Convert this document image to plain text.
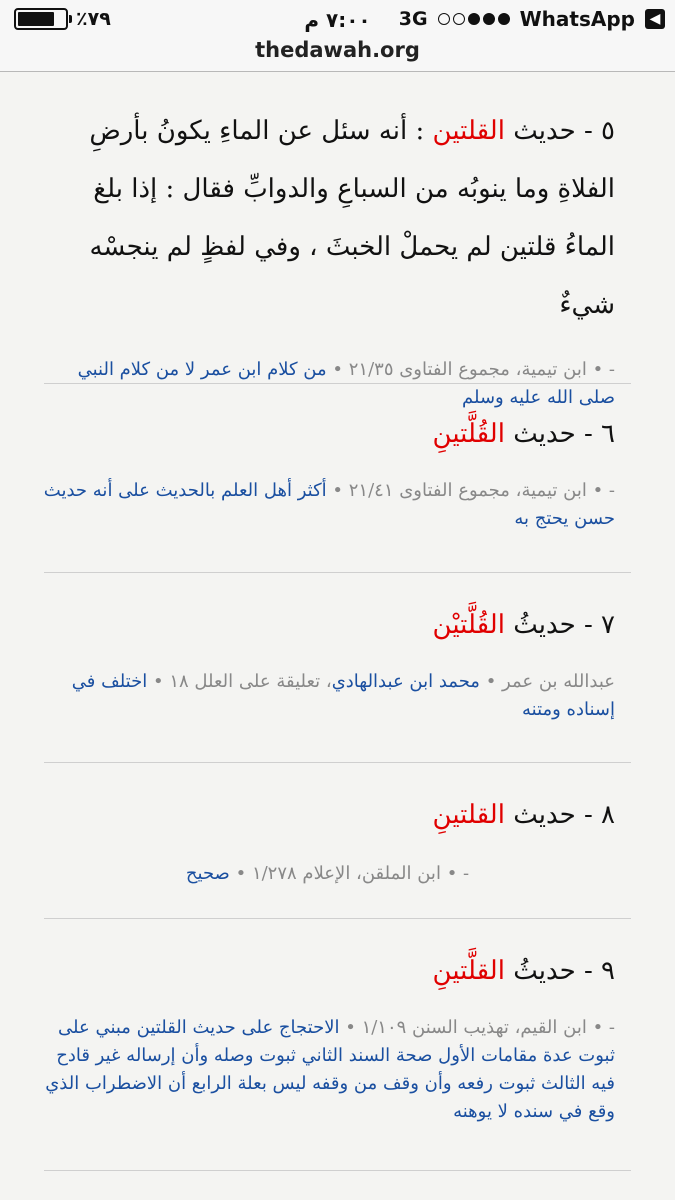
٪٧٩	٧:٠٠ م	3G	WhatsApp	◀
thedawah.org
٥ - حديث القلتين : أنه سئل عن الماءِ يكونُ بأرضِ الفلاةِ وما ينوبُه من السباعِ والدوابِّ فقال : إذا بلغ الماءُ قلتين لم يحملْ الخبثَ ، وفي لفظٍ لم ينجسْه شيءٌ
- • ابن تيمية، مجموع الفتاوى ٢١/٣٥ • من كلام ابن عمر لا من كلام النبي صلى الله عليه وسلم
٦ - حديث القُلَّتينِ
- • ابن تيمية، مجموع الفتاوى ٢١/٤١ • أكثر أهل العلم بالحديث على أنه حديث حسن يحتج به
٧ - حديثُ القُلَّتيْن
عبدالله بن عمر • محمد ابن عبدالهادي، تعليقة على العلل ١٨ • اختلف في إسناده ومتنه
٨ - حديث القلتينِ
- • ابن الملقن، الإعلام ١/٢٧٨ • صحيح
٩ - حديثُ القلَّتينِ
- • ابن القيم، تهذيب السنن ١/١٠٩ • الاحتجاج على حديث القلتين مبني على ثبوت عدة مقامات الأول صحة السند الثاني ثبوت وصله وأن إرساله غير قادح فيه الثالث ثبوت رفعه وأن وقف من وقفه ليس بعلة الرابع أن الاضطراب الذي وقع في سنده لا يوهنه
